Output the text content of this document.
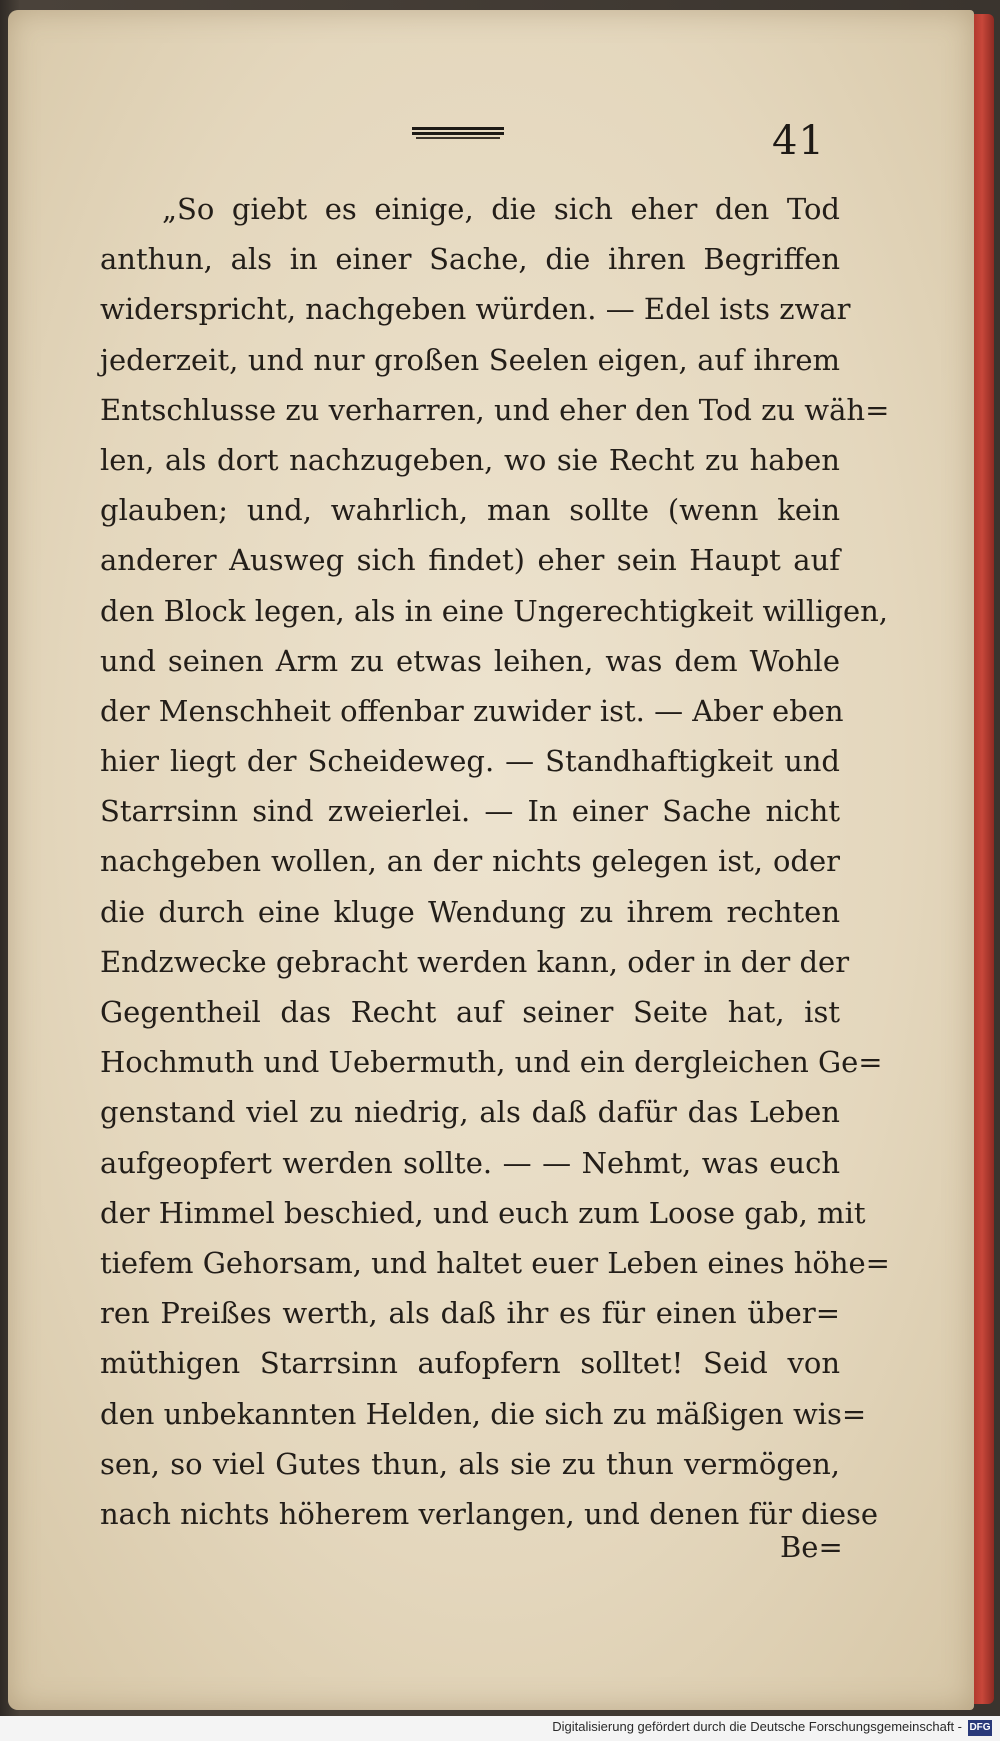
41
„So giebt es einige, die sich eher den Tod
anthun, als in einer Sache, die ihren Begriffen
widerspricht, nachgeben würden. — Edel ists zwar
jederzeit, und nur großen Seelen eigen, auf ihrem
Entschlusse zu verharren, und eher den Tod zu wäh=
len, als dort nachzugeben, wo sie Recht zu haben
glauben; und, wahrlich, man sollte (wenn kein
anderer Ausweg sich findet) eher sein Haupt auf
den Block legen, als in eine Ungerechtigkeit willigen,
und seinen Arm zu etwas leihen, was dem Wohle
der Menschheit offenbar zuwider ist. — Aber eben
hier liegt der Scheideweg. — Standhaftigkeit und
Starrsinn sind zweierlei. — In einer Sache nicht
nachgeben wollen, an der nichts gelegen ist, oder
die durch eine kluge Wendung zu ihrem rechten
Endzwecke gebracht werden kann, oder in der der
Gegentheil das Recht auf seiner Seite hat, ist
Hochmuth und Uebermuth, und ein dergleichen Ge=
genstand viel zu niedrig, als daß dafür das Leben
aufgeopfert werden sollte. — — Nehmt, was euch
der Himmel beschied, und euch zum Loose gab, mit
tiefem Gehorsam, und haltet euer Leben eines höhe=
ren Preißes werth, als daß ihr es für einen über=
müthigen Starrsinn aufopfern solltet! Seid von
den unbekannten Helden, die sich zu mäßigen wis=
sen, so viel Gutes thun, als sie zu thun vermögen,
nach nichts höherem verlangen, und denen für diese
Be=
Digitalisierung gefördert durch die Deutsche Forschungsgemeinschaft - DFG
